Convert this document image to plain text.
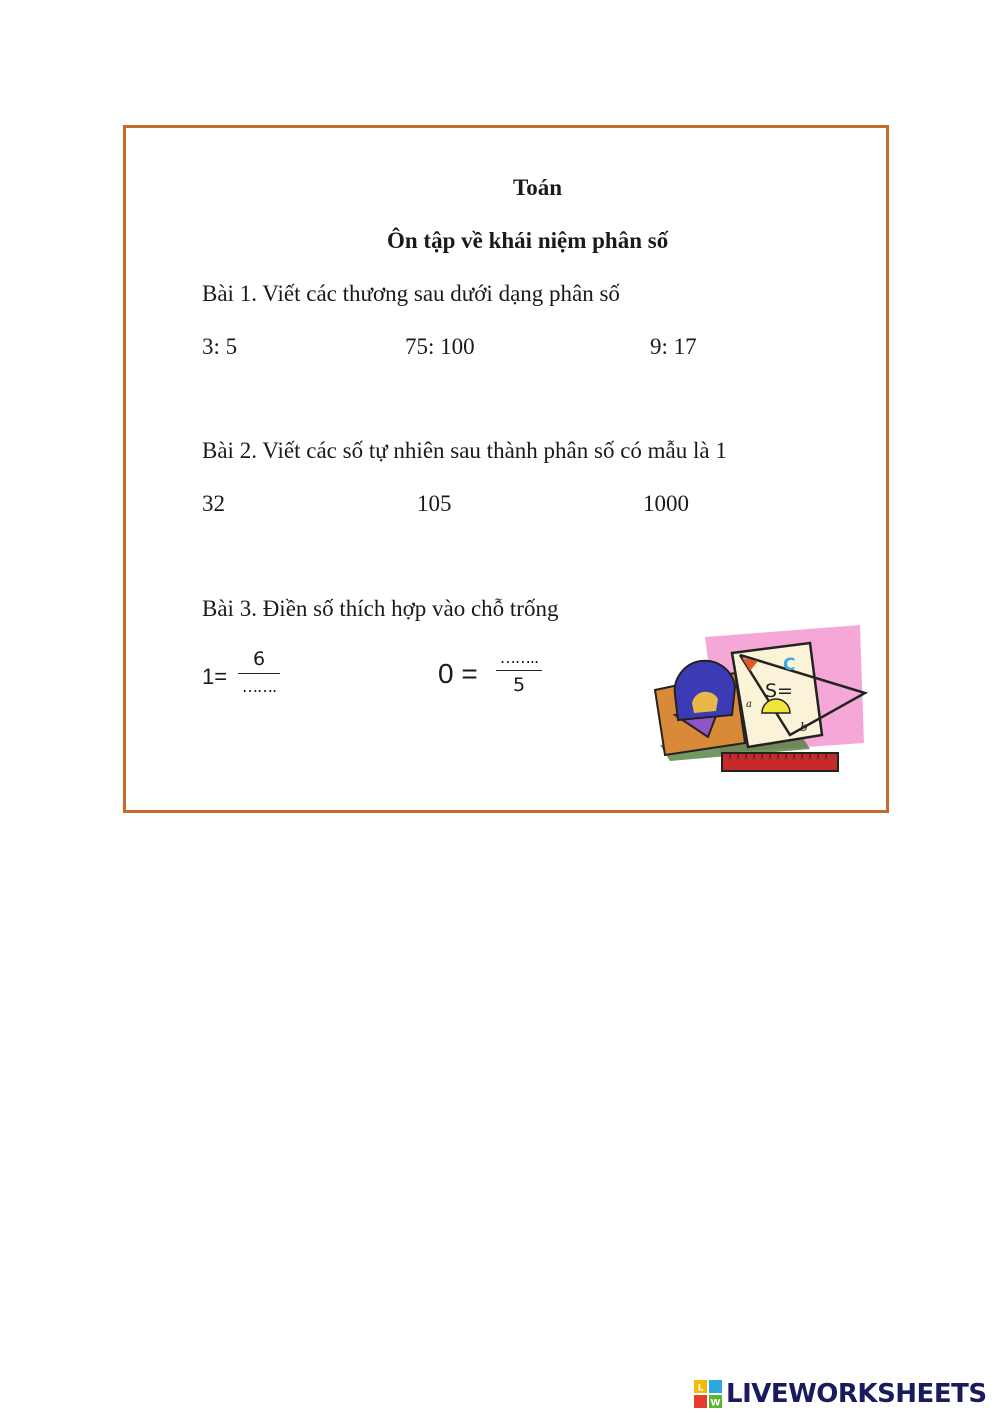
Toán
Ôn tập về khái niệm phân số
Bài 1. Viết các thương sau dưới dạng phân số
3: 5	75: 100	9: 17
Bài 2. Viết các số tự nhiên sau thành phân số có mẫu là 1
32	105	1000
Bài 3. Điền số thích hợp vào chỗ trống
1=
6
…….	0 =
……..
5
C
S=
a
b
L
W LIVEWORKSHEETS
